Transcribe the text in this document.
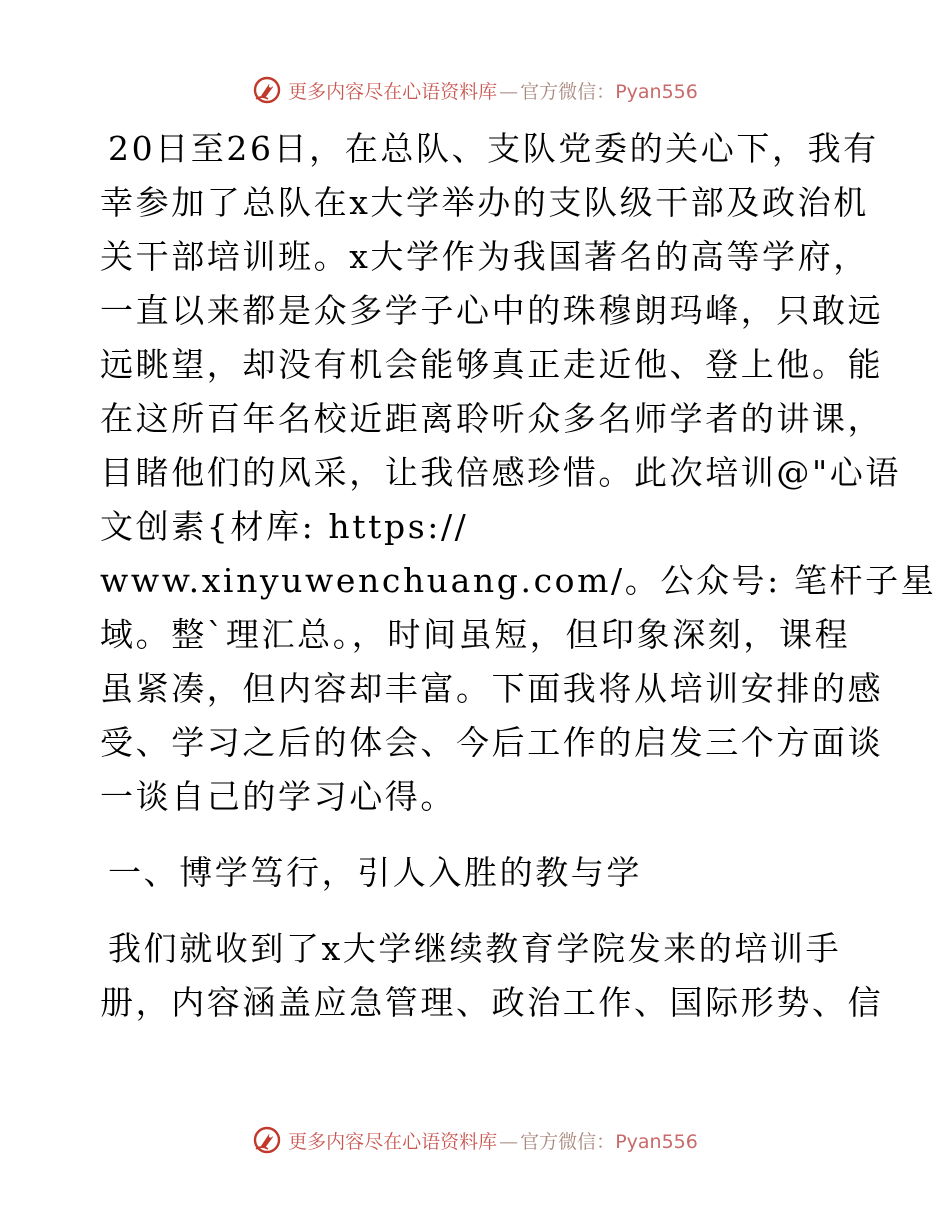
更多内容尽在心语资料库 — 官方微信：Pyan556
20日至26日，在总队、支队党委的关心下，我有
幸参加了总队在x大学举办的支队级干部及政治机
关干部培训班。x大学作为我国著名的高等学府，
一直以来都是众多学子心中的珠穆朗玛峰，只敢远
远眺望，却没有机会能够真正走近他、登上他。能
在这所百年名校近距离聆听众多名师学者的讲课，
目睹他们的风采，让我倍感珍惜。此次培训@"心语
文创素{材库: https://
www.xinyuwenchuang.com/。公众号: 笔杆子星
域。整`理汇总。，时间虽短，但印象深刻，课程
虽紧凑，但内容却丰富。下面我将从培训安排的感
受、学习之后的体会、今后工作的启发三个方面谈
一谈自己的学习心得。
一、博学笃行，引人入胜的教与学
我们就收到了x大学继续教育学院发来的培训手
册，内容涵盖应急管理、政治工作、国际形势、信
更多内容尽在心语资料库 — 官方微信：Pyan556
